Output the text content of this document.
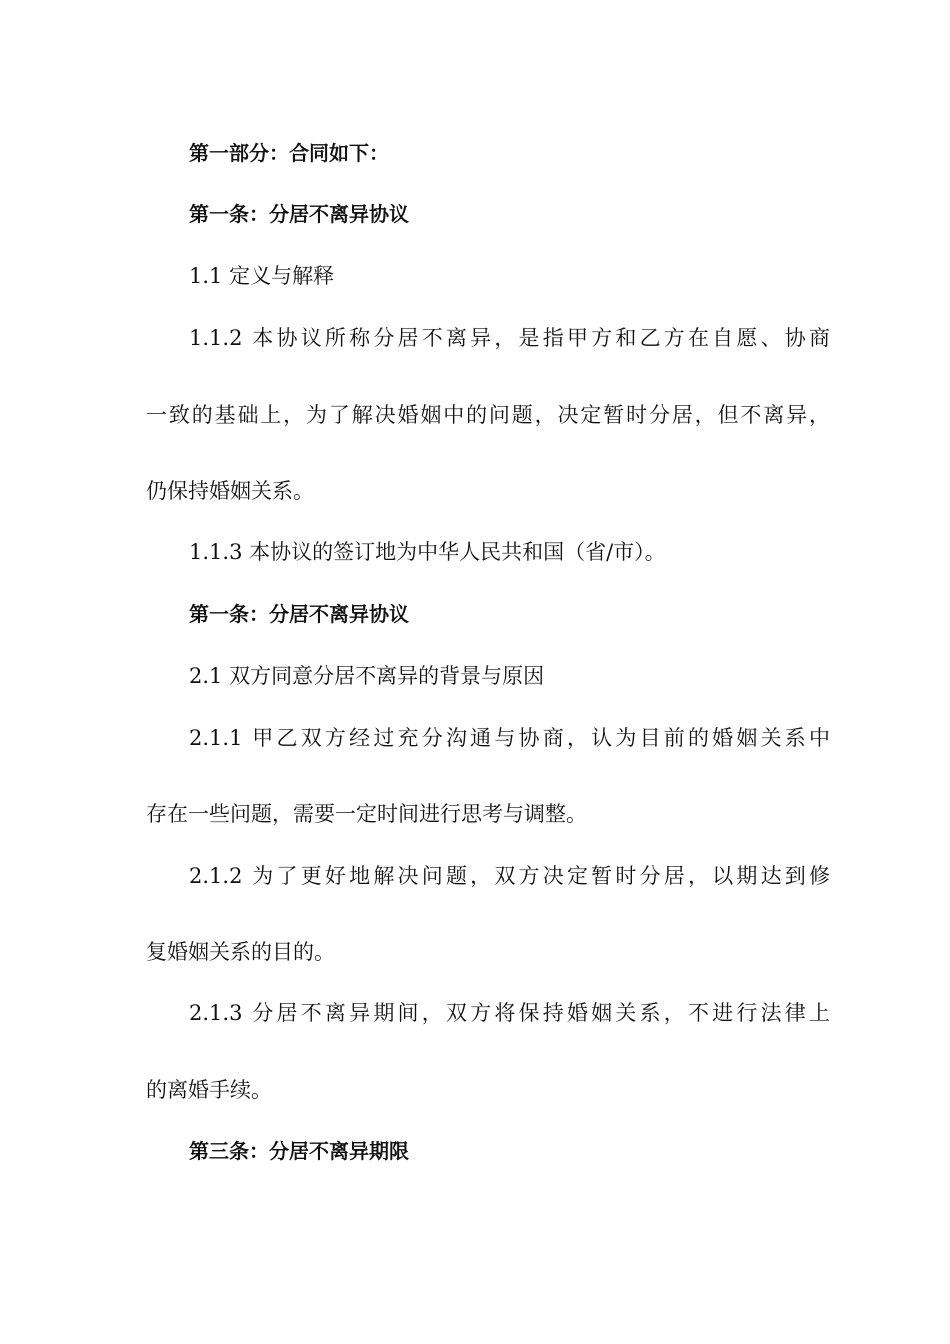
第一部分：合同如下：
第一条：分居不离异协议
1.1 定义与解释
1.1.2 本协议所称分居不离异，是指甲方和乙方在自愿、协商
一致的基础上，为了解决婚姻中的问题，决定暂时分居，但不离异，
仍保持婚姻关系。
1.1.3 本协议的签订地为中华人民共和国（省/市）。
第一条：分居不离异协议
2.1 双方同意分居不离异的背景与原因
2.1.1 甲乙双方经过充分沟通与协商，认为目前的婚姻关系中
存在一些问题，需要一定时间进行思考与调整。
2.1.2 为了更好地解决问题，双方决定暂时分居，以期达到修
复婚姻关系的目的。
2.1.3 分居不离异期间，双方将保持婚姻关系，不进行法律上
的离婚手续。
第三条：分居不离异期限
